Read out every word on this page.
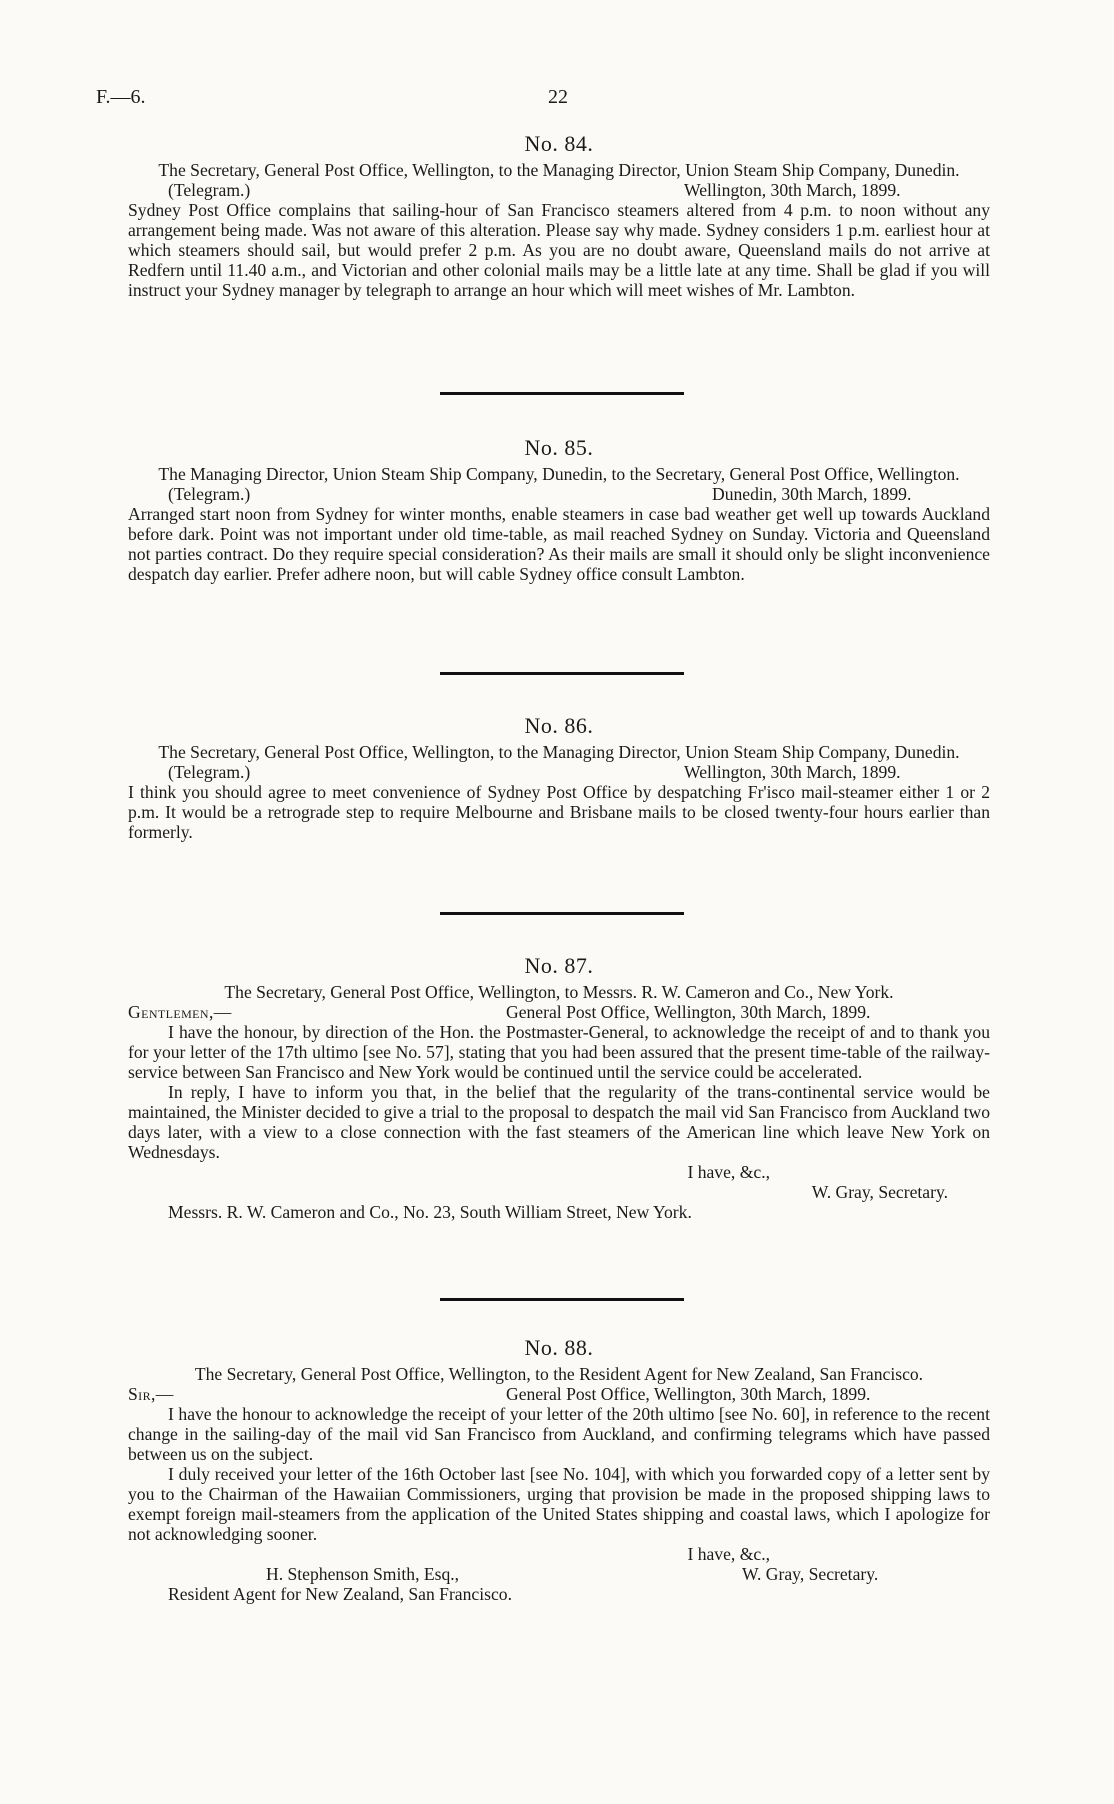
F.—6.	22
No. 84.
The Secretary, General Post Office, Wellington, to the Managing Director, Union Steam Ship Company, Dunedin.
(Telegram.)	Wellington, 30th March, 1899.
Sydney Post Office complains that sailing-hour of San Francisco steamers altered from 4 p.m. to noon without any arrangement being made. Was not aware of this alteration. Please say why made. Sydney considers 1 p.m. earliest hour at which steamers should sail, but would prefer 2 p.m. As you are no doubt aware, Queensland mails do not arrive at Redfern until 11.40 a.m., and Victorian and other colonial mails may be a little late at any time. Shall be glad if you will instruct your Sydney manager by telegraph to arrange an hour which will meet wishes of Mr. Lambton.
No. 85.
The Managing Director, Union Steam Ship Company, Dunedin, to the Secretary, General Post Office, Wellington.
(Telegram.)	Dunedin, 30th March, 1899.
Arranged start noon from Sydney for winter months, enable steamers in case bad weather get well up towards Auckland before dark. Point was not important under old time-table, as mail reached Sydney on Sunday. Victoria and Queensland not parties contract. Do they require special consideration? As their mails are small it should only be slight inconvenience despatch day earlier. Prefer adhere noon, but will cable Sydney office consult Lambton.
No. 86.
The Secretary, General Post Office, Wellington, to the Managing Director, Union Steam Ship Company, Dunedin.
(Telegram.)	Wellington, 30th March, 1899.
I think you should agree to meet convenience of Sydney Post Office by despatching Fr'isco mail-steamer either 1 or 2 p.m. It would be a retrograde step to require Melbourne and Brisbane mails to be closed twenty-four hours earlier than formerly.
No. 87.
The Secretary, General Post Office, Wellington, to Messrs. R. W. Cameron and Co., New York.
Gentlemen,—	General Post Office, Wellington, 30th March, 1899.

I have the honour, by direction of the Hon. the Postmaster-General, to acknowledge the receipt of and to thank you for your letter of the 17th ultimo [see No. 57], stating that you had been assured that the present time-table of the railway-service between San Francisco and New York would be continued until the service could be accelerated.

In reply, I have to inform you that, in the belief that the regularity of the trans-continental service would be maintained, the Minister decided to give a trial to the proposal to despatch the mail vid San Francisco from Auckland two days later, with a view to a close connection with the fast steamers of the American line which leave New York on Wednesdays.

I have, &c.,
W. Gray, Secretary.
Messrs. R. W. Cameron and Co., No. 23, South William Street, New York.
No. 88.
The Secretary, General Post Office, Wellington, to the Resident Agent for New Zealand, San Francisco.
Sir,—	General Post Office, Wellington, 30th March, 1899.

I have the honour to acknowledge the receipt of your letter of the 20th ultimo [see No. 60], in reference to the recent change in the sailing-day of the mail vid San Francisco from Auckland, and confirming telegrams which have passed between us on the subject.

I duly received your letter of the 16th October last [see No. 104], with which you forwarded copy of a letter sent by you to the Chairman of the Hawaiian Commissioners, urging that provision be made in the proposed shipping laws to exempt foreign mail-steamers from the application of the United States shipping and coastal laws, which I apologize for not acknowledging sooner.

I have, &c.,
H. Stephenson Smith, Esq.,	W. Gray, Secretary.
Resident Agent for New Zealand, San Francisco.
